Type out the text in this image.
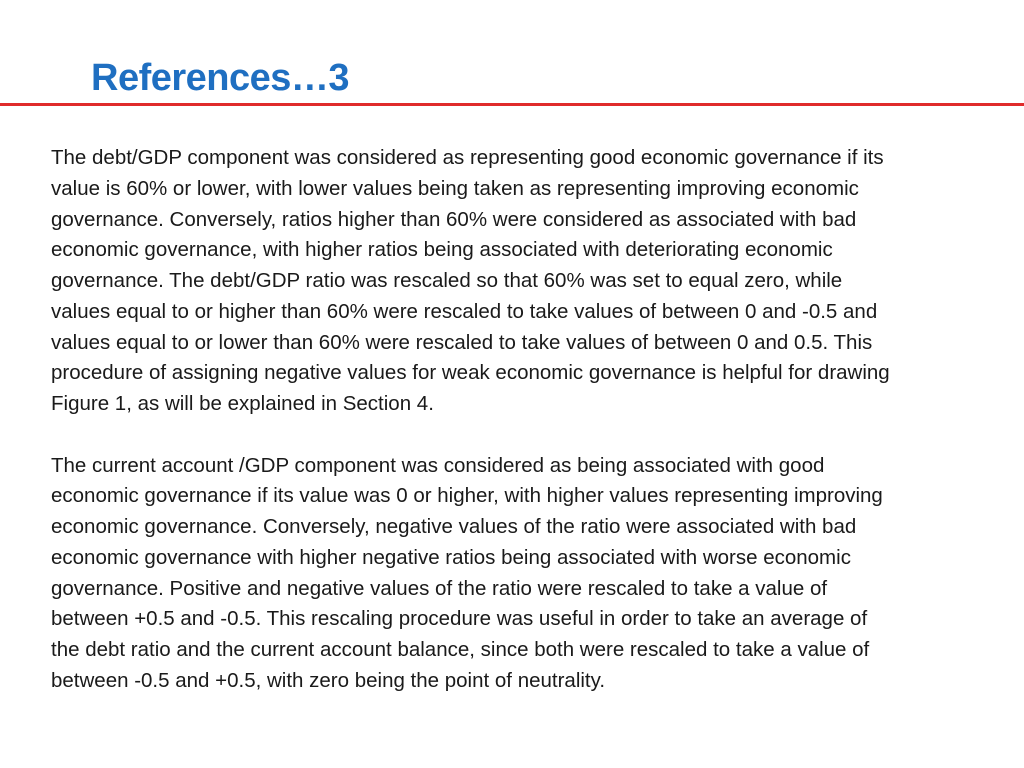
References…3

The debt/GDP component was considered as representing good economic governance if its
value is 60% or lower, with lower values being taken as representing improving economic
governance. Conversely, ratios higher than 60% were considered as associated with bad
economic governance, with higher ratios being associated with deteriorating economic
governance. The debt/GDP ratio was rescaled so that 60% was set to equal zero, while
values equal to or higher than 60% were rescaled to take values of between 0 and -0.5 and
values equal to or lower than 60% were rescaled to take values of between 0 and 0.5. This
procedure of assigning negative values for weak economic governance is helpful for drawing
Figure 1, as will be explained in Section 4.

The current account /GDP component was considered as being associated with good
economic governance if its value was 0 or higher, with higher values representing improving
economic governance. Conversely, negative values of the ratio were associated with bad
economic governance with higher negative ratios being associated with worse economic
governance. Positive and negative values of the ratio were rescaled to take a value of
between +0.5 and -0.5. This rescaling procedure was useful in order to take an average of
the debt ratio and the current account balance, since both were rescaled to take a value of
between -0.5 and +0.5, with zero being the point of neutrality.
